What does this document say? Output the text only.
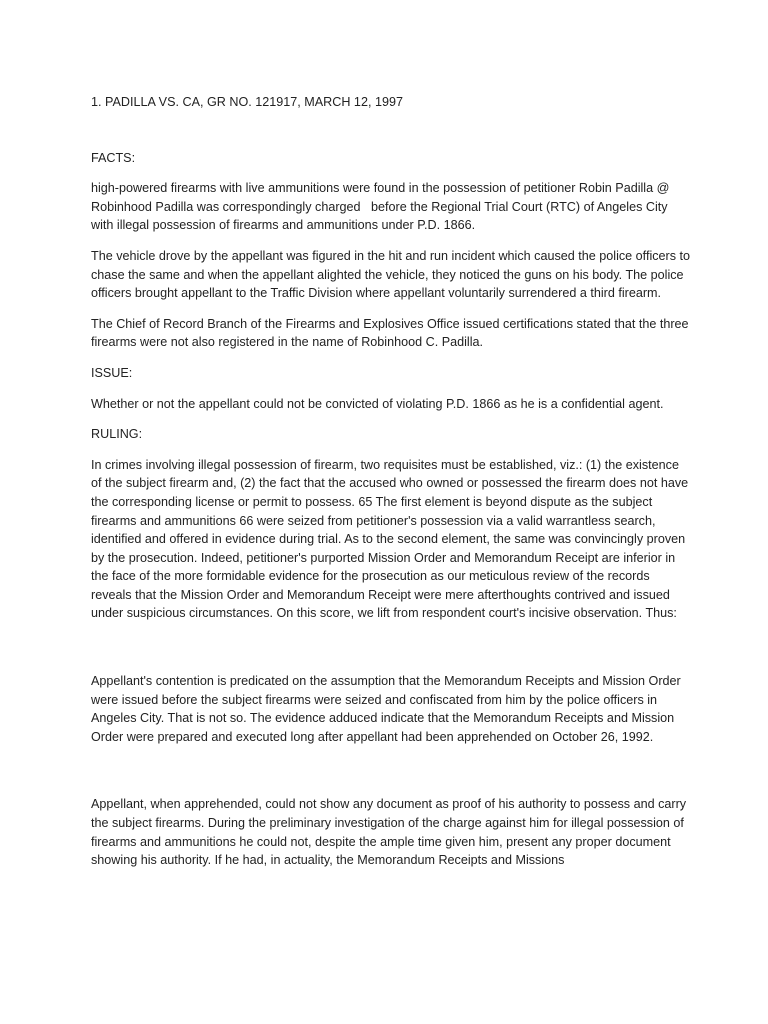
1. PADILLA VS. CA, GR NO. 121917, MARCH 12, 1997

FACTS:

high-powered firearms with live ammunitions were found in the possession of petitioner Robin Padilla @ Robinhood Padilla was correspondingly charged   before the Regional Trial Court (RTC) of Angeles City with illegal possession of firearms and ammunitions under P.D. 1866.

The vehicle drove by the appellant was figured in the hit and run incident which caused the police officers to chase the same and when the appellant alighted the vehicle, they noticed the guns on his body. The police officers brought appellant to the Traffic Division where appellant voluntarily surrendered a third firearm.

The Chief of Record Branch of the Firearms and Explosives Office issued certifications stated that the three firearms were not also registered in the name of Robinhood C. Padilla.

ISSUE:

Whether or not the appellant could not be convicted of violating P.D. 1866 as he is a confidential agent.

RULING:

In crimes involving illegal possession of firearm, two requisites must be established, viz.: (1) the existence of the subject firearm and, (2) the fact that the accused who owned or possessed the firearm does not have the corresponding license or permit to possess. 65 The first element is beyond dispute as the subject firearms and ammunitions 66 were seized from petitioner's possession via a valid warrantless search, identified and offered in evidence during trial. As to the second element, the same was convincingly proven by the prosecution. Indeed, petitioner's purported Mission Order and Memorandum Receipt are inferior in the face of the more formidable evidence for the prosecution as our meticulous review of the records reveals that the Mission Order and Memorandum Receipt were mere afterthoughts contrived and issued under suspicious circumstances. On this score, we lift from respondent court's incisive observation. Thus:

Appellant's contention is predicated on the assumption that the Memorandum Receipts and Mission Order were issued before the subject firearms were seized and confiscated from him by the police officers in Angeles City. That is not so. The evidence adduced indicate that the Memorandum Receipts and Mission Order were prepared and executed long after appellant had been apprehended on October 26, 1992.

Appellant, when apprehended, could not show any document as proof of his authority to possess and carry the subject firearms. During the preliminary investigation of the charge against him for illegal possession of firearms and ammunitions he could not, despite the ample time given him, present any proper document showing his authority. If he had, in actuality, the Memorandum Receipts and Missions
